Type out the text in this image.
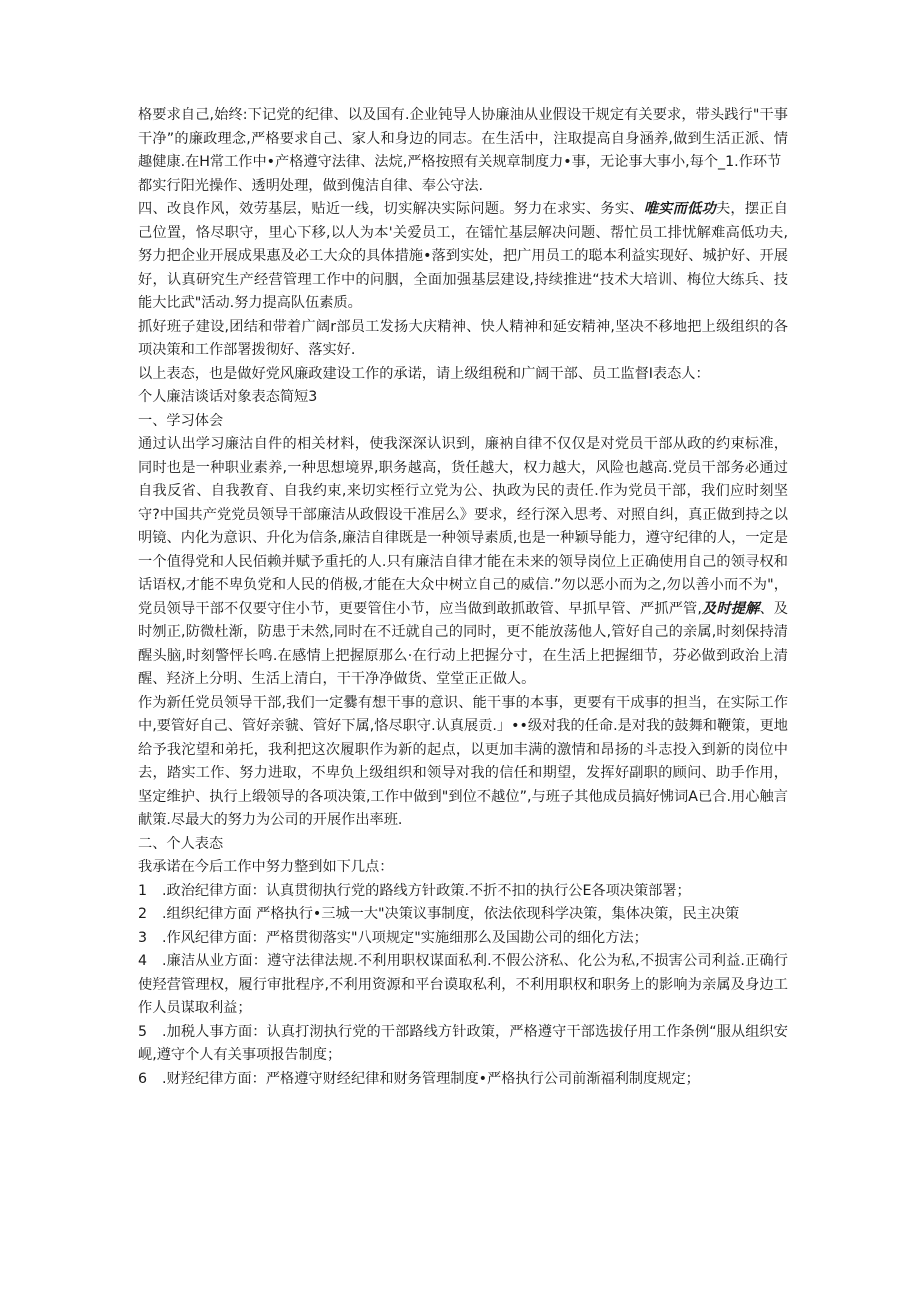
格要求自己,始终:下记党的纪律、以及国有.企业钝导人协廉油从业假设干规定有关要求，带头践行"干事干净”的廉政理念,严格要求自己、家人和身边的同志。在生活中，注取提高自身涵养,做到生活正派、情趣健康.在H常工作中•产格遵守法律、法烷,严格按照有关规章制度力•事，无论事大事小,每个_1.作环节

都实行阳光操作、透明处理，做到傀洁自律、奉公守法.

四、改良作风，效劳基层，贴近一线，切实解决实际问题。努力在求实、务实、唯实而低功夫，摆正自己位置，恪尽职守，里心下移,以人为本'关爱员工，在镭忙基层解决问题、帮忙员工排忧解难高低功夫,努力把企业开展成果惠及必工大众的具体措施•落到实处，把广用员工的聪本利益实现好、城护好、开展好，认真研究生产经营管理工作中的问胭，全面加强基层建设,持续推进“技术大培训、梅位大练兵、技能大比武"活动.努力提高队伍素质。

抓好班子建设,团结和带着广阔r部员工发扬大庆精神、快人精神和延安精神,坚决不移地把上级组织的各项决策和工作部署拨彻好、落实好.

以上表态，也是做好党风廉政建设工作的承诺，请上级组税和广阔干部、员工监督I表态人：

个人廉洁谈话对象表态简短3

一、学习体会

通过认出学习廉沽自件的相关材料，使我深深认识到，廉衲自律不仅仅是对党员干部从政的约束标准，同时也是一种职业素养,一种思想境界,职务越高，货任越大，权力越大，风险也越高.党员干部务必通过自我反省、自我教育、自我约束,来切实桎行立党为公、执政为民的责任.作为党员干部，我们应时刻坚守?中国共产党党员领导干部廉洁从政假设干准居么》要求，经行深入思考、对照自纠，真正做到持之以明镜、内化为意识、升化为信条,廉洁自律既是一种领导素质,也是一种颖导能力，遵守纪律的人，一定是一个值得党和人民佰赖并赋予重托的人.只有廉洁自律才能在未来的领导岗位上正确使用自己的领寻权和话语权,才能不卑负党和人民的俏极,才能在大众中树立自己的威信.”勿以恶小而为之,勿以善小而不为"，党员领导干部不仅要守住小节，更要管住小节，应当做到敢抓敢管、早抓早管、严抓严管,及时提解、及时刎正,防微杜渐，防患于未然,同时在不迁就自己的同时，更不能放荡他人,管好自己的亲属,时刻保持清醒头脑,时刻警怦长鸣.在感情上把握原那么·在行动上把握分寸，在生活上把握细节，芬必做到政治上清醒、羟济上分明、生活上清白，干干净净做货、堂堂正正做人。

作为新任党员领导干部,我们一定爨有想干事的意识、能干事的本事，更要有干成事的担当，在实际工作中,要管好自己、管好亲虢、管好下属,恪尽职守.认真展贡.」••级对我的任命.是对我的鼓舞和鞭策，更地给予我沱望和弟托，我利把这次履职作为新的起点，以更加丰满的激情和昂扬的斗志投入到新的岗位中去，踏实工作、努力进取，不卑负上级组织和领导对我的信任和期望，发挥好副职的顾问、助手作用，坚定维护、执行上缎领导的各项决策,工作中做到"到位不越位”,与班子其他成员搞好怫词A已合.用心触言献策.尽最大的努力为公司的开展作出率班.

二、个人表态

我承诺在今后工作中努力整到如下几点：

1 .政治纪律方面：认真贯彻执行党的路线方针政策.不折不扣的执行公E各项决策部署；

2 .组织纪律方面 严格执行•三城一大"决策议事制度，依法依现科学决策，集体决策，民主决策

3 .作风纪律方面：严格贯彻落实"八项规定"实施细那么及国勘公司的细化方法；

4 .廉洁从业方面：遵守法律法规.不利用职权谋面私利.不假公济私、化公为私,不损害公司利益.正确行使羟营管理权，履行审批程序,不利用资源和平台谟取私利，不利用职权和职务上的影响为亲属及身边工作人员谋取利益；

5 .加税人事方面：认真打沏执行党的干部路线方针政策，严格遵守干部选拔仔用工作条例“服从组织安岘,遵守个人有关事项报告制度；

6 .财羟纪律方面：严格遵守财经纪律和财务管理制度•严格执行公司前渐福利制度规定；
